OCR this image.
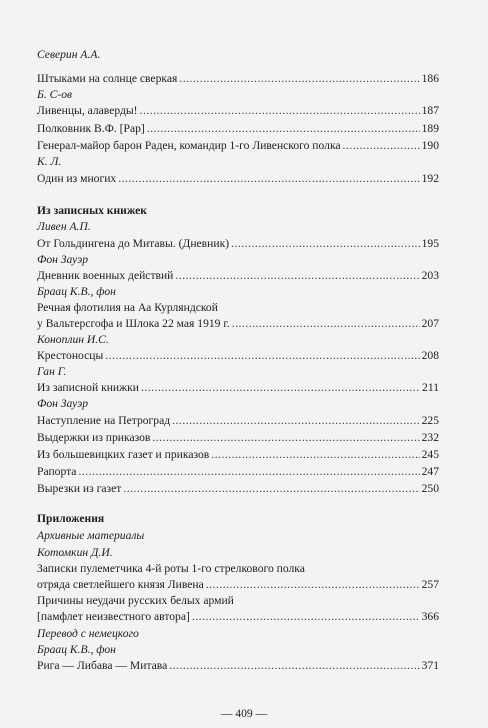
Северин А.А.
Штыками на солнце сверкая . . .	186
Б. С-ов
Ливенцы, алаверды! . . .	187
Полковник В.Ф. [Рар] . . .	189
Генерал-майор барон Раден, командир 1-го Ливенского полка . . .	190
К. Л.
Один из многих . . .	192
Из записных книжек
Ливен А.П.
От Гольдингена до Митавы. (Дневник) . . .	195
Фон Зауэр
Дневник военных действий . . .	203
Браац К.В., фон
Речная флотилия на Аа Курляндской
у Вальтерсгофа и Шлока 22 мая 1919 г. . . .	207
Коноплин И.С.
Крестоносцы . . .	208
Ган Г.
Из записной книжки . . .	211
Фон Зауэр
Наступление на Петроград . . .	225
Выдержки из приказов . . .	232
Из большевицких газет и приказов . . .	245
Рапорта . . .	247
Вырезки из газет . . .	250
Приложения
Архивные материалы
Котомкин Д.И.
Записки пулеметчика 4-й роты 1-го стрелкового полка
отряда светлейшего князя Ливена . . .	257
Причины неудачи русских белых армий
[памфлет неизвестного автора] . . .	366
Перевод с немецкого
Браац К.В., фон
Рига — Либава — Митава . . .	371
— 409 —
